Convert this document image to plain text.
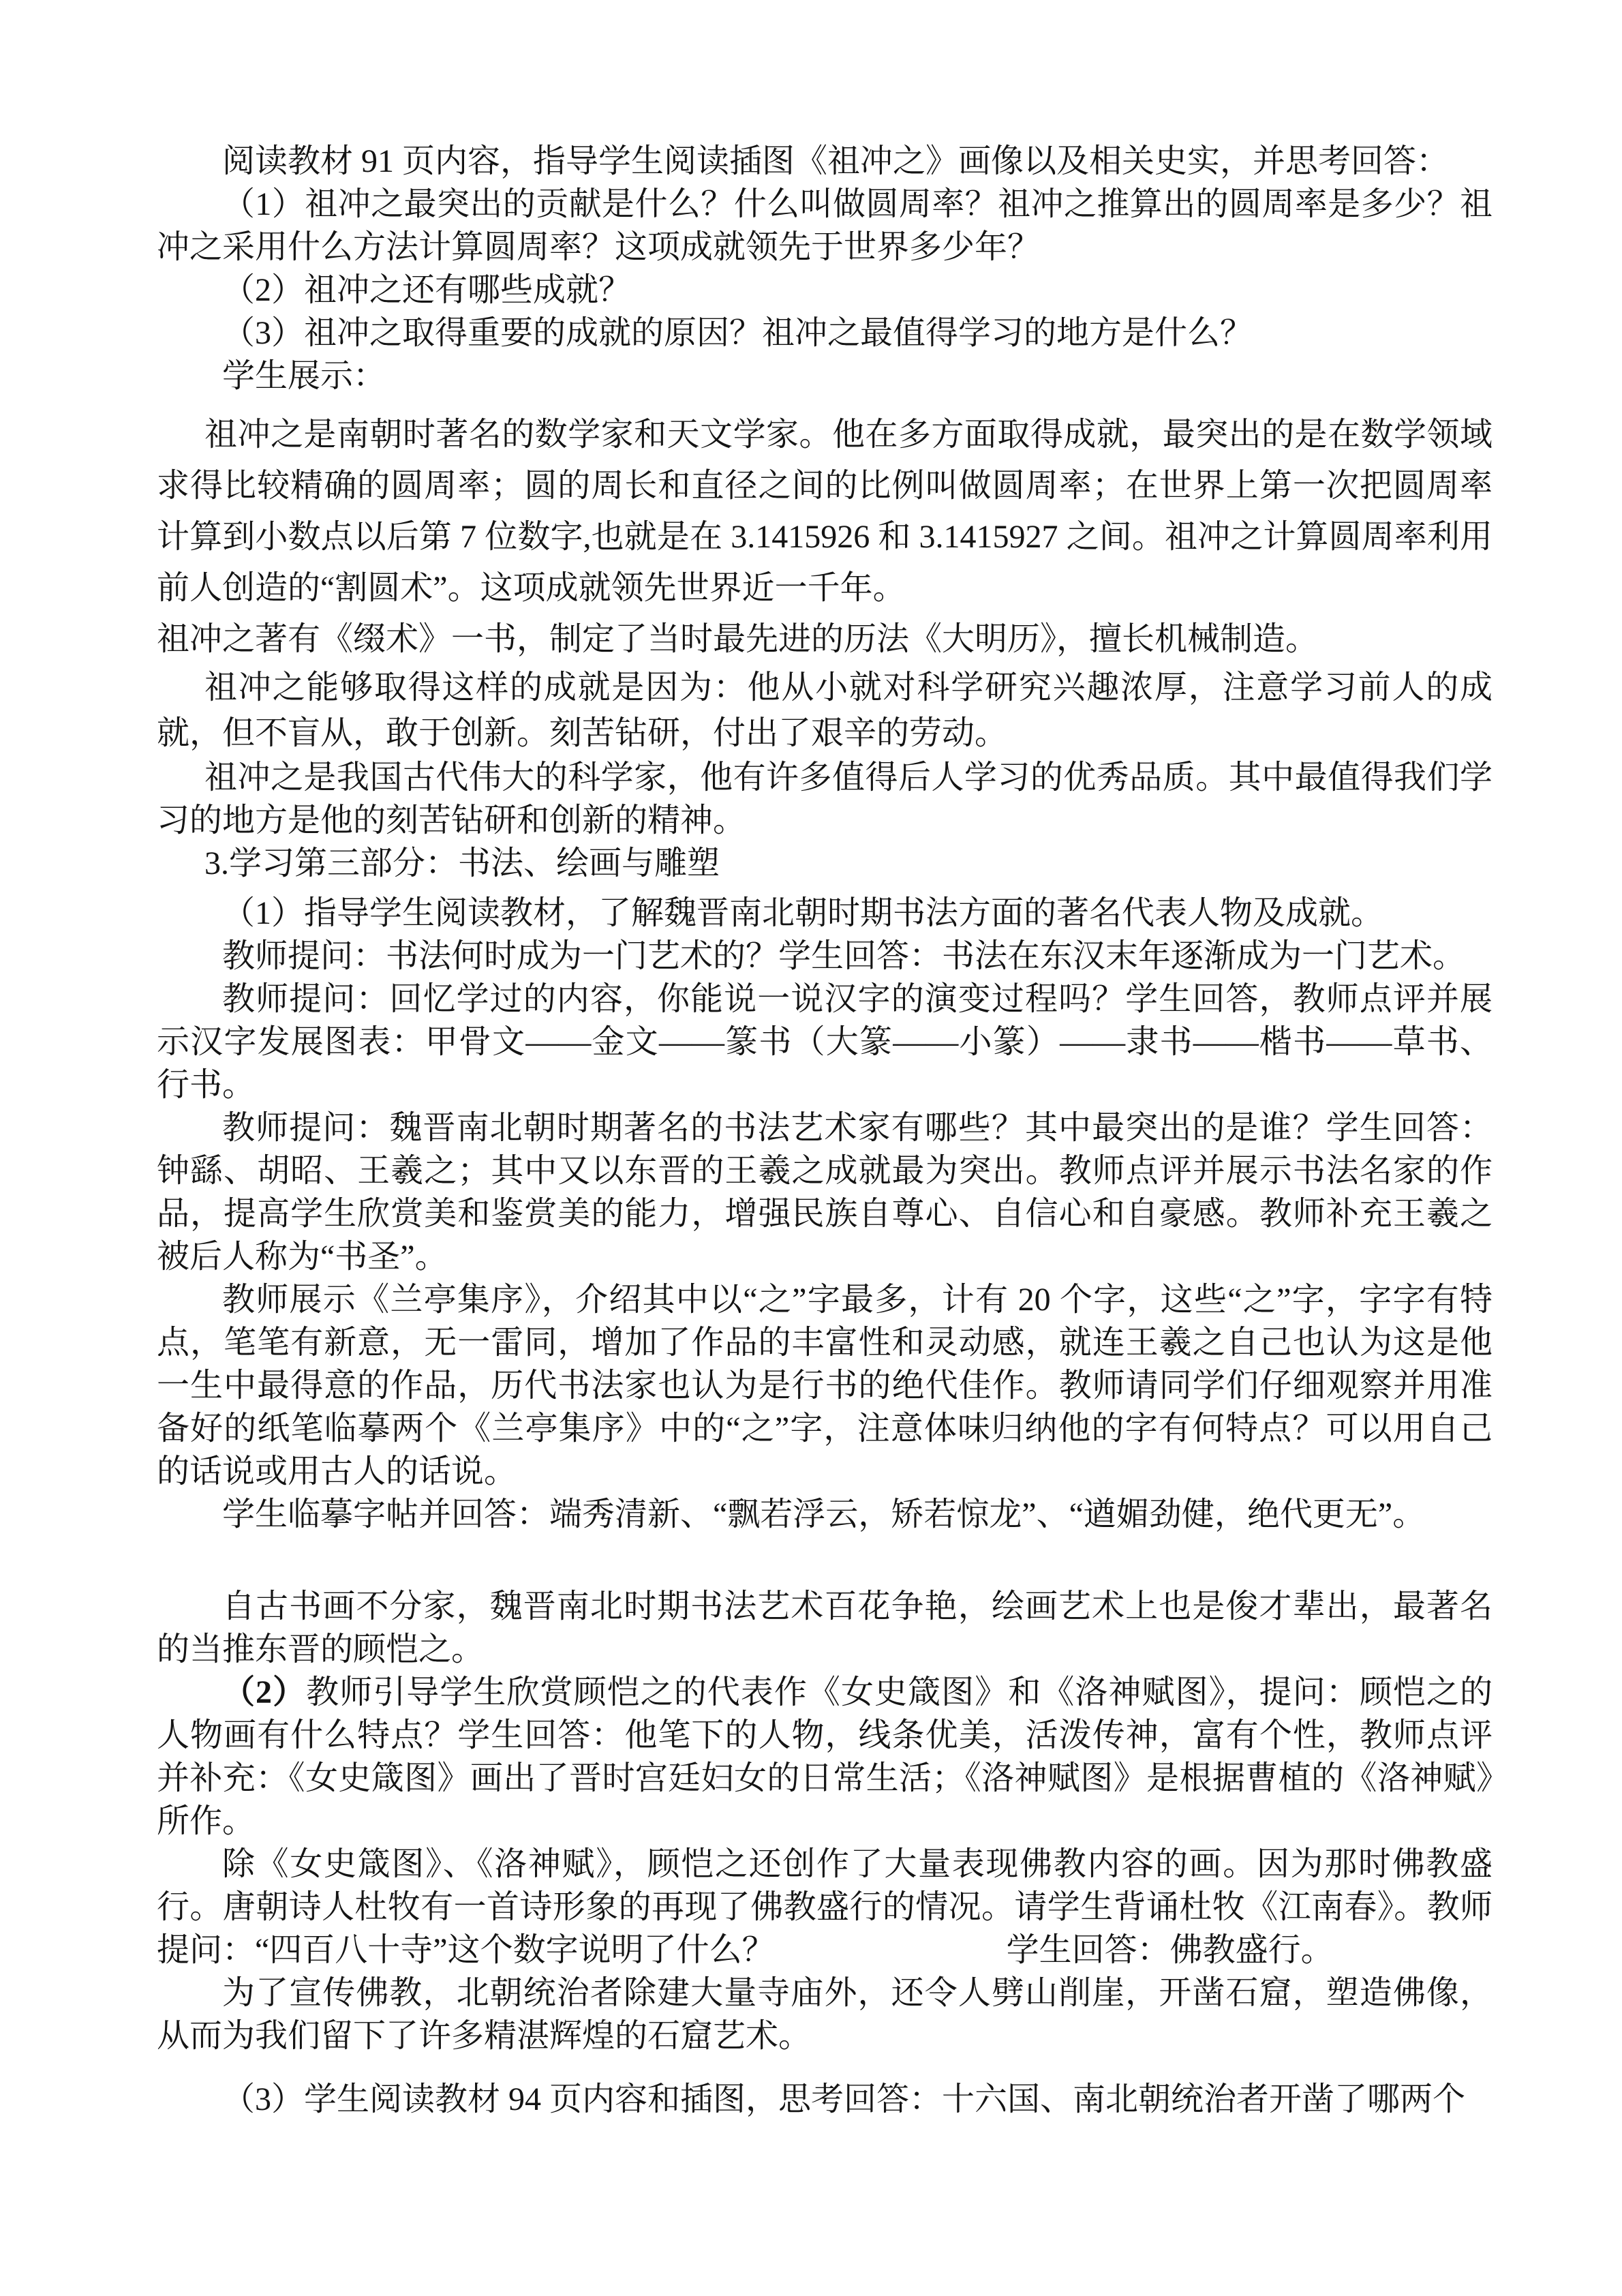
阅读教材 91 页内容，指导学生阅读插图《祖冲之》画像以及相关史实，并思考回答：

（1）祖冲之最突出的贡献是什么？什么叫做圆周率？祖冲之推算出的圆周率是多少？祖冲之采用什么方法计算圆周率？这项成就领先于世界多少年？

（2）祖冲之还有哪些成就？

（3）祖冲之取得重要的成就的原因？祖冲之最值得学习的地方是什么？

学生展示：

祖冲之是南朝时著名的数学家和天文学家。他在多方面取得成就，最突出的是在数学领域求得比较精确的圆周率；圆的周长和直径之间的比例叫做圆周率；在世界上第一次把圆周率计算到小数点以后第 7 位数字,也就是在 3.1415926 和 3.1415927 之间。祖冲之计算圆周率利用前人创造的“割圆术”。这项成就领先世界近一千年。

祖冲之著有《缀术》一书，制定了当时最先进的历法《大明历》，擅长机械制造。

祖冲之能够取得这样的成就是因为：他从小就对科学研究兴趣浓厚，注意学习前人的成就，但不盲从，敢于创新。刻苦钻研，付出了艰辛的劳动。

祖冲之是我国古代伟大的科学家，他有许多值得后人学习的优秀品质。其中最值得我们学习的地方是他的刻苦钻研和创新的精神。

3.学习第三部分：书法、绘画与雕塑

（1）指导学生阅读教材，了解魏晋南北朝时期书法方面的著名代表人物及成就。

教师提问：书法何时成为一门艺术的？学生回答：书法在东汉末年逐渐成为一门艺术。

教师提问：回忆学过的内容，你能说一说汉字的演变过程吗？学生回答，教师点评并展示汉字发展图表：甲骨文——金文——篆书（大篆——小篆）——隶书——楷书——草书、行书。

教师提问：魏晋南北朝时期著名的书法艺术家有哪些？其中最突出的是谁？学生回答：钟繇、胡昭、王羲之；其中又以东晋的王羲之成就最为突出。教师点评并展示书法名家的作品，提高学生欣赏美和鉴赏美的能力，增强民族自尊心、自信心和自豪感。教师补充王羲之被后人称为“书圣”。

教师展示《兰亭集序》，介绍其中以“之”字最多，计有 20 个字，这些“之”字，字字有特点，笔笔有新意，无一雷同，增加了作品的丰富性和灵动感，就连王羲之自己也认为这是他一生中最得意的作品，历代书法家也认为是行书的绝代佳作。教师请同学们仔细观察并用准备好的纸笔临摹两个《兰亭集序》中的“之”字，注意体味归纳他的字有何特点？可以用自己的话说或用古人的话说。

学生临摹字帖并回答：端秀清新、“飘若浮云，矫若惊龙”、“遒媚劲健，绝代更无”。

自古书画不分家，魏晋南北时期书法艺术百花争艳，绘画艺术上也是俊才辈出，最著名的当推东晋的顾恺之。

（2）教师引导学生欣赏顾恺之的代表作《女史箴图》和《洛神赋图》，提问：顾恺之的人物画有什么特点？学生回答：他笔下的人物，线条优美，活泼传神，富有个性，教师点评并补充：《女史箴图》画出了晋时宫廷妇女的日常生活；《洛神赋图》是根据曹植的《洛神赋》所作。

除《女史箴图》、《洛神赋》，顾恺之还创作了大量表现佛教内容的画。因为那时佛教盛行。唐朝诗人杜牧有一首诗形象的再现了佛教盛行的情况。请学生背诵杜牧《江南春》。教师提问：“四百八十寺”这个数字说明了什么？	学生回答：佛教盛行。

为了宣传佛教，北朝统治者除建大量寺庙外，还令人劈山削崖，开凿石窟，塑造佛像，从而为我们留下了许多精湛辉煌的石窟艺术。

（3）学生阅读教材 94 页内容和插图，思考回答：十六国、南北朝统治者开凿了哪两个
